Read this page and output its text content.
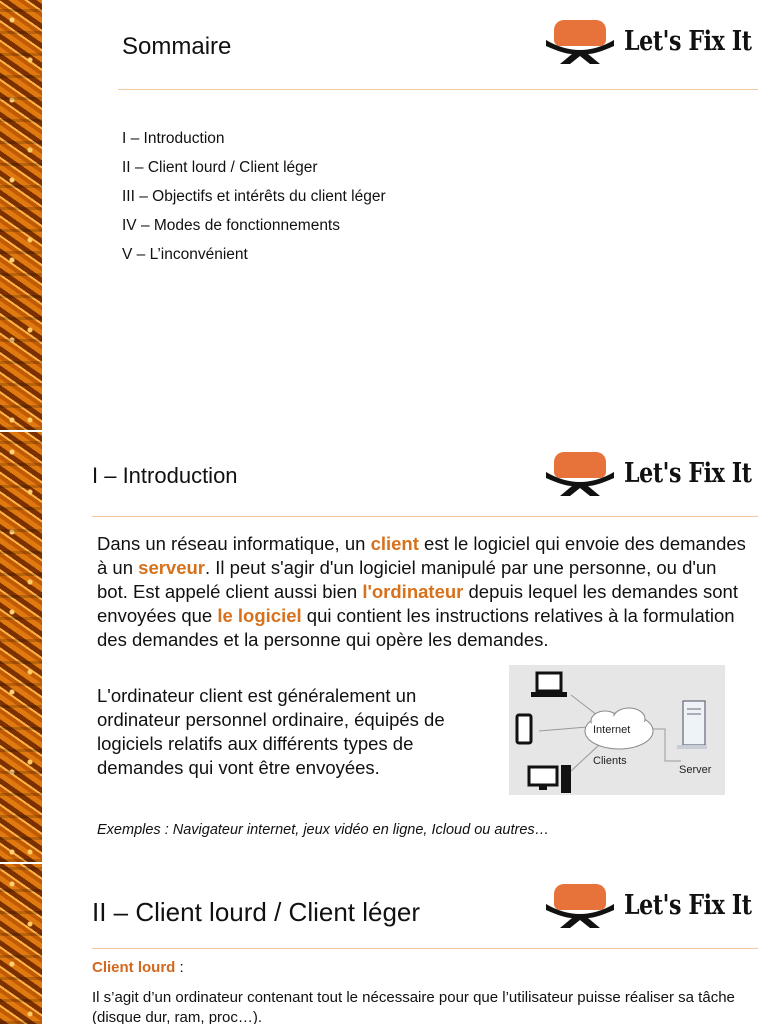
Sommaire	Let's Fix It
I – Introduction
II – Client lourd / Client léger
III – Objectifs et intérêts du client léger
IV – Modes de fonctionnements
V – L’inconvénient
I – Introduction	Let's Fix It

Dans un réseau informatique, un client est le logiciel qui envoie des demandes à un serveur. Il peut s'agir d'un logiciel manipulé par une personne, ou d'un bot. Est appelé client aussi bien l'ordinateur depuis lequel les demandes sont envoyées que le logiciel qui contient les instructions relatives à la formulation des demandes et la personne qui opère les demandes.

L'ordinateur client est généralement un ordinateur personnel ordinaire, équipés de logiciels relatifs aux différents types de demandes qui vont être envoyées.	Clients
Internet
Server
Exemples : Navigateur internet, jeux vidéo en ligne, Icloud ou autres…
II – Client lourd / Client léger	Let's Fix It
Client lourd :
Il s’agit d’un ordinateur contenant tout le nécessaire pour que l’utilisateur puisse réaliser sa tâche (disque dur, ram, proc…).
